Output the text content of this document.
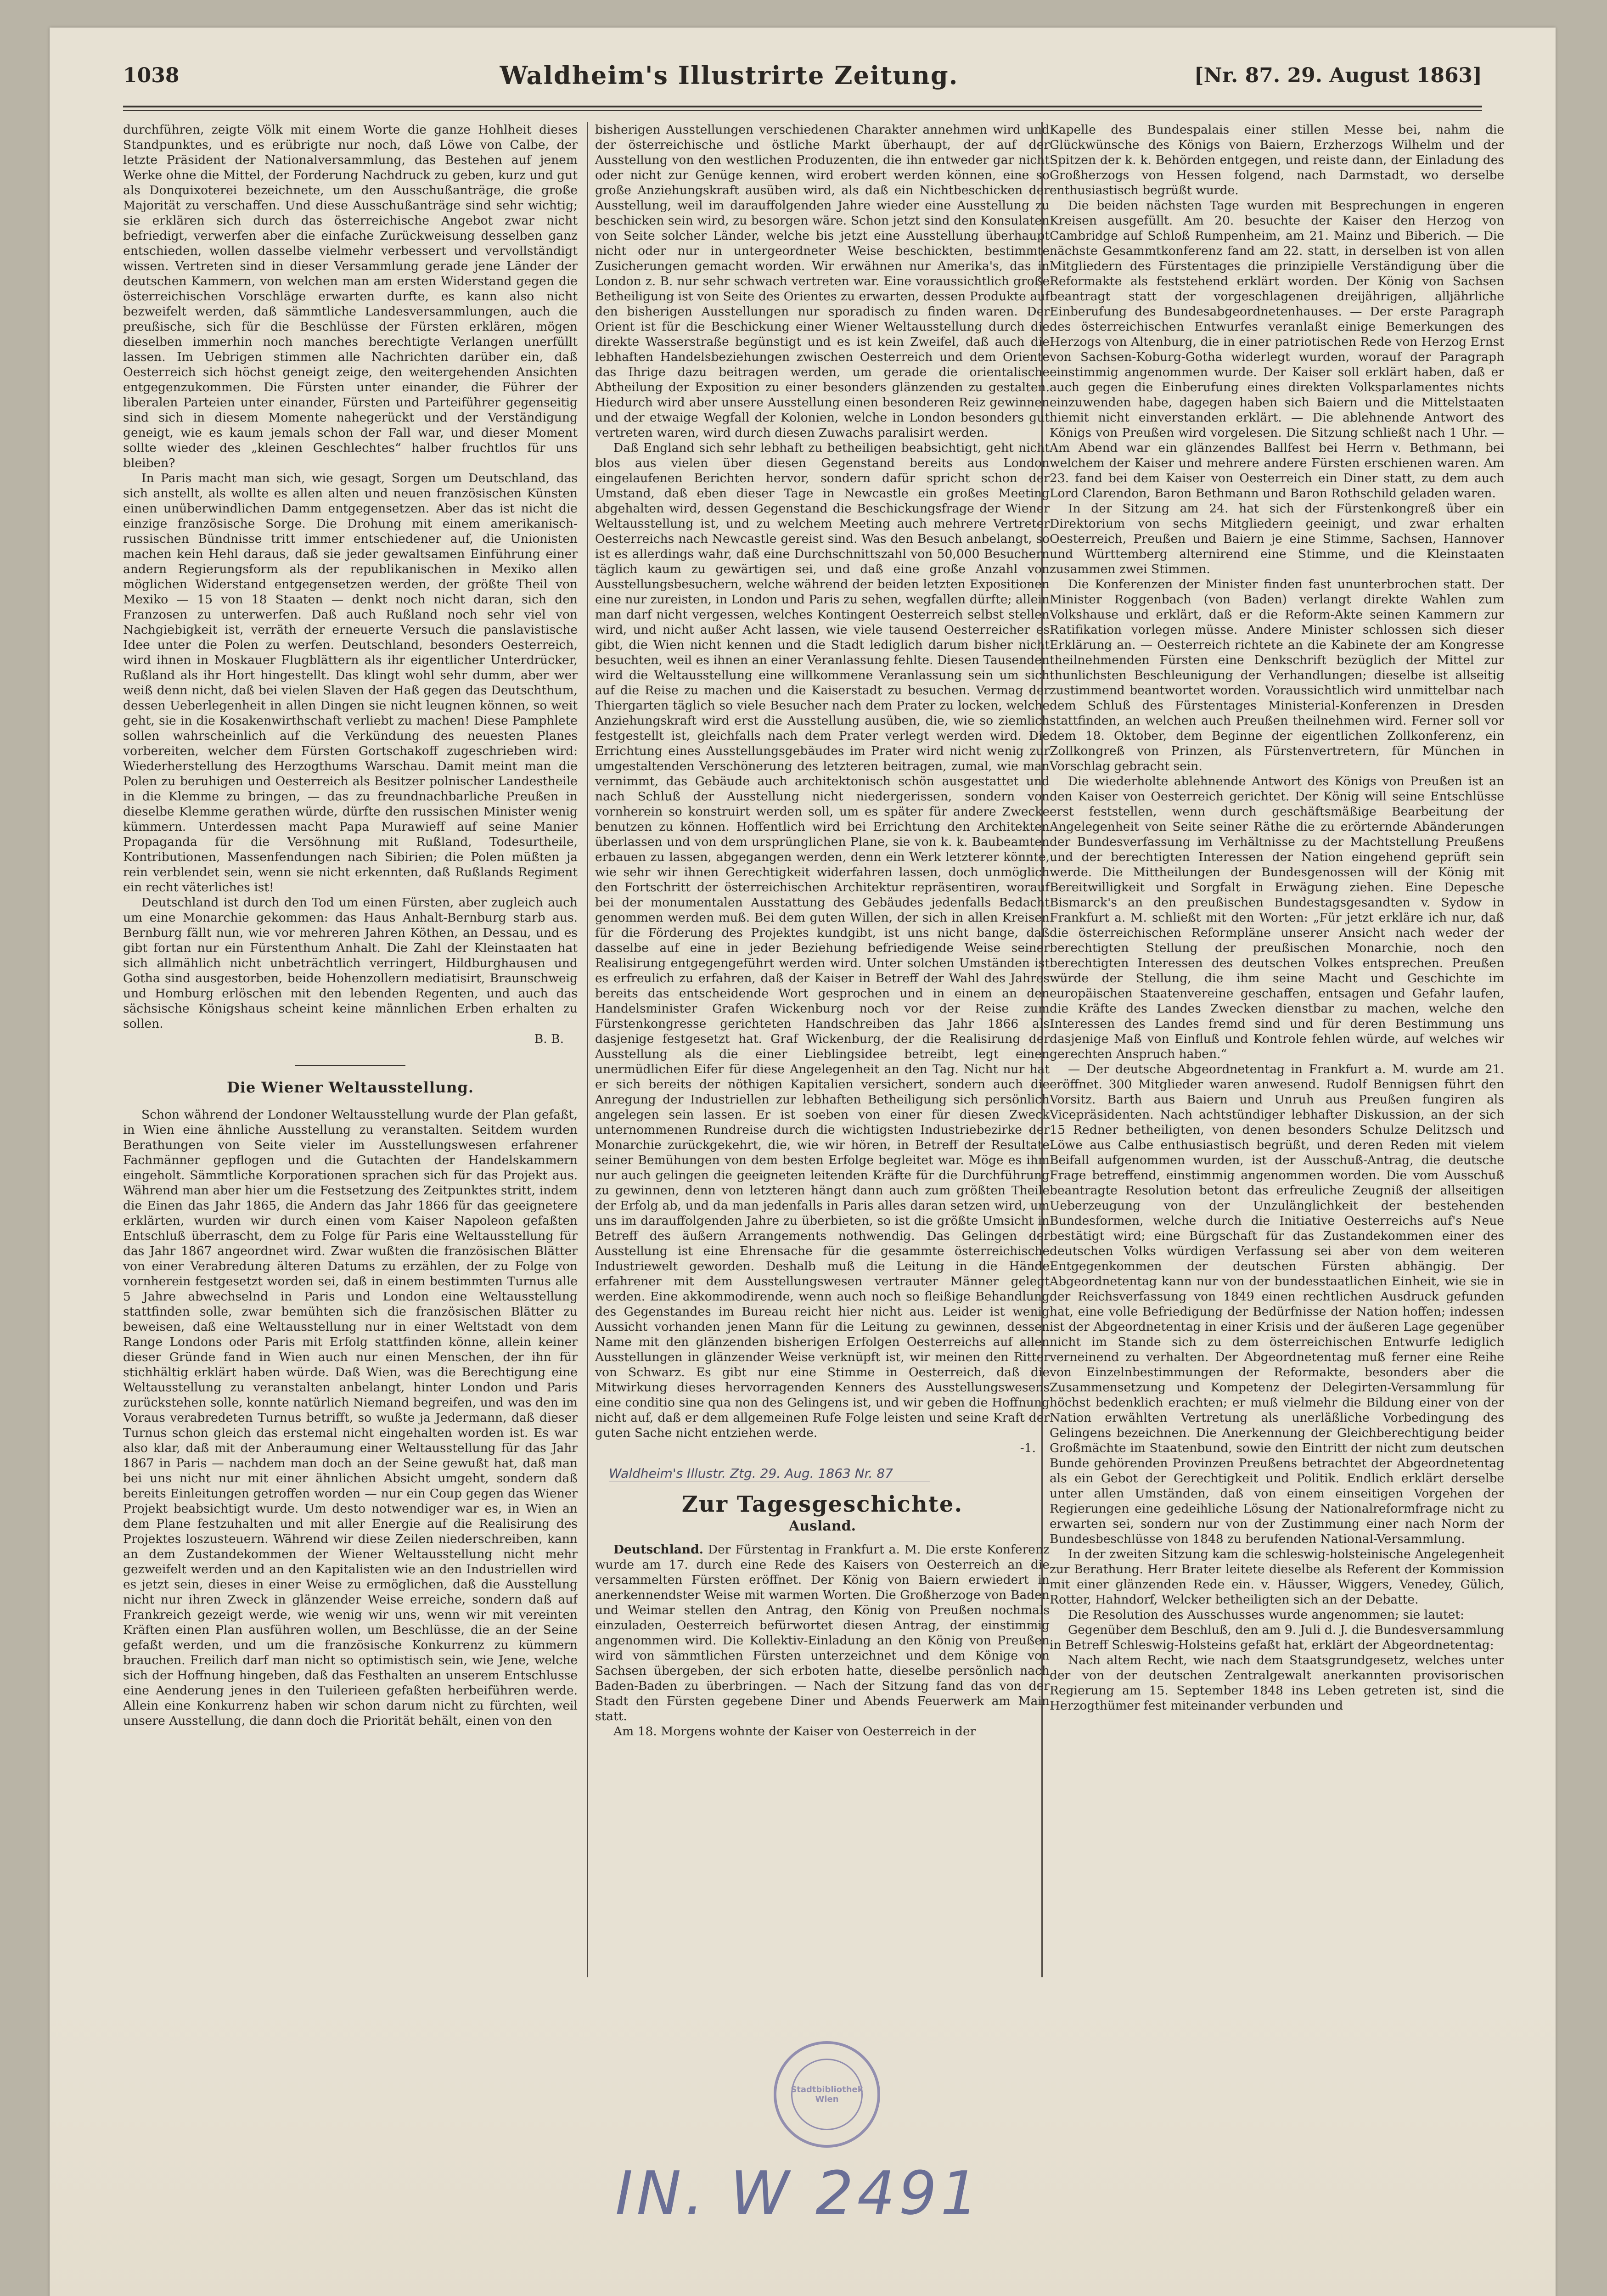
1038	Waldheim's Illustrirte Zeitung.	[Nr. 87. 29. August 1863]

durchführen, zeigte Völk mit einem Worte die ganze Hohlheit dieses Standpunktes, und es erübrigte nur noch, daß Löwe von Calbe, der letzte Präsident der Nationalversammlung, das Bestehen auf jenem Werke ohne die Mittel, der Forderung Nachdruck zu geben, kurz und gut als Donquixoterei bezeichnete, um den Ausschußanträge, die große Majorität zu verschaffen. Und diese Ausschußanträge sind sehr wichtig; sie erklären sich durch das österreichische Angebot zwar nicht befriedigt, verwerfen aber die einfache Zurückweisung desselben ganz entschieden, wollen dasselbe vielmehr verbessert und vervollständigt wissen. Vertreten sind in dieser Versammlung gerade jene Länder der deutschen Kammern, von welchen man am ersten Widerstand gegen die österreichischen Vorschläge erwarten durfte, es kann also nicht bezweifelt werden, daß sämmtliche Landesversammlungen, auch die preußische, sich für die Beschlüsse der Fürsten erklären, mögen dieselben immerhin noch manches berechtigte Verlangen unerfüllt lassen. Im Uebrigen stimmen alle Nachrichten darüber ein, daß Oesterreich sich höchst geneigt zeige, den weitergehenden Ansichten entgegenzukommen. Die Fürsten unter einander, die Führer der liberalen Parteien unter einander, Fürsten und Parteiführer gegenseitig sind sich in diesem Momente nahegerückt und der Verständigung geneigt, wie es kaum jemals schon der Fall war, und dieser Moment sollte wieder des „kleinen Geschlechtes“ halber fruchtlos für uns bleiben?

In Paris macht man sich, wie gesagt, Sorgen um Deutschland, das sich anstellt, als wollte es allen alten und neuen französischen Künsten einen unüberwindlichen Damm entgegensetzen. Aber das ist nicht die einzige französische Sorge. Die Drohung mit einem amerikanisch-russischen Bündnisse tritt immer entschiedener auf, die Unionisten machen kein Hehl daraus, daß sie jeder gewaltsamen Einführung einer andern Regierungsform als der republikanischen in Mexiko allen möglichen Widerstand entgegensetzen werden, der größte Theil von Mexiko — 15 von 18 Staaten — denkt noch nicht daran, sich den Franzosen zu unterwerfen. Daß auch Rußland noch sehr viel von Nachgiebigkeit ist, verräth der erneuerte Versuch die panslavistische Idee unter die Polen zu werfen. Deutschland, besonders Oesterreich, wird ihnen in Moskauer Flugblättern als ihr eigentlicher Unterdrücker, Rußland als ihr Hort hingestellt. Das klingt wohl sehr dumm, aber wer weiß denn nicht, daß bei vielen Slaven der Haß gegen das Deutschthum, dessen Ueberlegenheit in allen Dingen sie nicht leugnen können, so weit geht, sie in die Kosakenwirthschaft verliebt zu machen! Diese Pamphlete sollen wahrscheinlich auf die Verkündung des neuesten Planes vorbereiten, welcher dem Fürsten Gortschakoff zugeschrieben wird: Wiederherstellung des Herzogthums Warschau. Damit meint man die Polen zu beruhigen und Oesterreich als Besitzer polnischer Landestheile in die Klemme zu bringen, — das zu freundnachbarliche Preußen in dieselbe Klemme gerathen würde, dürfte den russischen Minister wenig kümmern. Unterdessen macht Papa Murawieff auf seine Manier Propaganda für die Versöhnung mit Rußland, Todesurtheile, Kontributionen, Massenfendungen nach Sibirien; die Polen müßten ja rein verblendet sein, wenn sie nicht erkennten, daß Rußlands Regiment ein recht väterliches ist!

Deutschland ist durch den Tod um einen Fürsten, aber zugleich auch um eine Monarchie gekommen: das Haus Anhalt-Bernburg starb aus. Bernburg fällt nun, wie vor mehreren Jahren Köthen, an Dessau, und es gibt fortan nur ein Fürstenthum Anhalt. Die Zahl der Kleinstaaten hat sich allmählich nicht unbeträchtlich verringert, Hildburghausen und Gotha sind ausgestorben, beide Hohenzollern mediatisirt, Braunschweig und Homburg erlöschen mit den lebenden Regenten, und auch das sächsische Königshaus scheint keine männlichen Erben erhalten zu sollen.

B. B.

Die Wiener Weltausstellung.

Schon während der Londoner Weltausstellung wurde der Plan gefaßt, in Wien eine ähnliche Ausstellung zu veranstalten. Seitdem wurden Berathungen von Seite vieler im Ausstellungswesen erfahrener Fachmänner gepflogen und die Gutachten der Handelskammern eingeholt. Sämmtliche Korporationen sprachen sich für das Projekt aus. Während man aber hier um die Festsetzung des Zeitpunktes stritt, indem die Einen das Jahr 1865, die Andern das Jahr 1866 für das geeignetere erklärten, wurden wir durch einen vom Kaiser Napoleon gefaßten Entschluß überrascht, dem zu Folge für Paris eine Weltausstellung für das Jahr 1867 angeordnet wird. Zwar wußten die französischen Blätter von einer Verabredung älteren Datums zu erzählen, der zu Folge von vornherein festgesetzt worden sei, daß in einem bestimmten Turnus alle 5 Jahre abwechselnd in Paris und London eine Weltausstellung stattfinden solle, zwar bemühten sich die französischen Blätter zu beweisen, daß eine Weltausstellung nur in einer Weltstadt von dem Range Londons oder Paris mit Erfolg stattfinden könne, allein keiner dieser Gründe fand in Wien auch nur einen Menschen, der ihn für stichhältig erklärt haben würde. Daß Wien, was die Berechtigung eine Weltausstellung zu veranstalten anbelangt, hinter London und Paris zurückstehen solle, konnte natürlich Niemand begreifen, und was den im Voraus verabredeten Turnus betrifft, so wußte ja Jedermann, daß dieser Turnus schon gleich das erstemal nicht eingehalten worden ist. Es war also klar, daß mit der Anberaumung einer Weltausstellung für das Jahr 1867 in Paris — nachdem man doch an der Seine gewußt hat, daß man bei uns nicht nur mit einer ähnlichen Absicht umgeht, sondern daß bereits Einleitungen getroffen worden — nur ein Coup gegen das Wiener Projekt beabsichtigt wurde. Um desto notwendiger war es, in Wien an dem Plane festzuhalten und mit aller Energie auf die Realisirung des Projektes loszusteuern. Während wir diese Zeilen niederschreiben, kann an dem Zustandekommen der Wiener Weltausstellung nicht mehr gezweifelt werden und an den Kapitalisten wie an den Industriellen wird es jetzt sein, dieses in einer Weise zu ermöglichen, daß die Ausstellung nicht nur ihren Zweck in glänzender Weise erreiche, sondern daß auf Frankreich gezeigt werde, wie wenig wir uns, wenn wir mit vereinten Kräften einen Plan ausführen wollen, um Beschlüsse, die an der Seine gefaßt werden, und um die französische Konkurrenz zu kümmern brauchen. Freilich darf man nicht so optimistisch sein, wie Jene, welche sich der Hoffnung hingeben, daß das Festhalten an unserem Entschlusse eine Aenderung jenes in den Tuilerieen gefaßten herbeiführen werde. Allein eine Konkurrenz haben wir schon darum nicht zu fürchten, weil unsere Ausstellung, die dann doch die Priorität behält, einen von den

bisherigen Ausstellungen verschiedenen Charakter annehmen wird und der österreichische und östliche Markt überhaupt, der auf der Ausstellung von den westlichen Produzenten, die ihn entweder gar nicht oder nicht zur Genüge kennen, wird erobert werden können, eine so große Anziehungskraft ausüben wird, als daß ein Nichtbeschicken der Ausstellung, weil im darauffolgenden Jahre wieder eine Ausstellung zu beschicken sein wird, zu besorgen wäre. Schon jetzt sind den Konsulaten von Seite solcher Länder, welche bis jetzt eine Ausstellung überhaupt nicht oder nur in untergeordneter Weise beschickten, bestimmte Zusicherungen gemacht worden. Wir erwähnen nur Amerika's, das in London z. B. nur sehr schwach vertreten war. Eine voraussichtlich große Betheiligung ist von Seite des Orientes zu erwarten, dessen Produkte auf den bisherigen Ausstellungen nur sporadisch zu finden waren. Der Orient ist für die Beschickung einer Wiener Weltausstellung durch die direkte Wasserstraße begünstigt und es ist kein Zweifel, daß auch die lebhaften Handelsbeziehungen zwischen Oesterreich und dem Oriente das Ihrige dazu beitragen werden, um gerade die orientalische Abtheilung der Exposition zu einer besonders glänzenden zu gestalten. Hiedurch wird aber unsere Ausstellung einen besonderen Reiz gewinnen und der etwaige Wegfall der Kolonien, welche in London besonders gut vertreten waren, wird durch diesen Zuwachs paralisirt werden.

Daß England sich sehr lebhaft zu betheiligen beabsichtigt, geht nicht blos aus vielen über diesen Gegenstand bereits aus London eingelaufenen Berichten hervor, sondern dafür spricht schon der Umstand, daß eben dieser Tage in Newcastle ein großes Meeting abgehalten wird, dessen Gegenstand die Beschickungsfrage der Wiener Weltausstellung ist, und zu welchem Meeting auch mehrere Vertreter Oesterreichs nach Newcastle gereist sind. Was den Besuch anbelangt, so ist es allerdings wahr, daß eine Durchschnittszahl von 50,000 Besuchern täglich kaum zu gewärtigen sei, und daß eine große Anzahl von Ausstellungsbesuchern, welche während der beiden letzten Expositionen eine nur zureisten, in London und Paris zu sehen, wegfallen dürfte; allein man darf nicht vergessen, welches Kontingent Oesterreich selbst stellen wird, und nicht außer Acht lassen, wie viele tausend Oesterreicher es gibt, die Wien nicht kennen und die Stadt lediglich darum bisher nicht besuchten, weil es ihnen an einer Veranlassung fehlte. Diesen Tausenden wird die Weltausstellung eine willkommene Veranlassung sein um sich auf die Reise zu machen und die Kaiserstadt zu besuchen. Vermag der Thiergarten täglich so viele Besucher nach dem Prater zu locken, welche Anziehungskraft wird erst die Ausstellung ausüben, die, wie so ziemlich festgestellt ist, gleichfalls nach dem Prater verlegt werden wird. Die Errichtung eines Ausstellungsgebäudes im Prater wird nicht wenig zur umgestaltenden Verschönerung des letzteren beitragen, zumal, wie man vernimmt, das Gebäude auch architektonisch schön ausgestattet und nach Schluß der Ausstellung nicht niedergerissen, sondern von vornherein so konstruirt werden soll, um es später für andere Zwecke benutzen zu können. Hoffentlich wird bei Errichtung den Architekten überlassen und von dem ursprünglichen Plane, sie von k. k. Baubeamten erbauen zu lassen, abgegangen werden, denn ein Werk letzterer könnte, wie sehr wir ihnen Gerechtigkeit widerfahren lassen, doch unmöglich den Fortschritt der österreichischen Architektur repräsentiren, worauf bei der monumentalen Ausstattung des Gebäudes jedenfalls Bedacht genommen werden muß. Bei dem guten Willen, der sich in allen Kreisen für die Förderung des Projektes kundgibt, ist uns nicht bange, daß dasselbe auf eine in jeder Beziehung befriedigende Weise seiner Realisirung entgegengeführt werden wird. Unter solchen Umständen ist es erfreulich zu erfahren, daß der Kaiser in Betreff der Wahl des Jahres bereits das entscheidende Wort gesprochen und in einem an den Handelsminister Grafen Wickenburg noch vor der Reise zum Fürstenkongresse gerichteten Handschreiben das Jahr 1866 als dasjenige festgesetzt hat. Graf Wickenburg, der die Realisirung der Ausstellung als die einer Lieblingsidee betreibt, legt einen unermüdlichen Eifer für diese Angelegenheit an den Tag. Nicht nur hat er sich bereits der nöthigen Kapitalien versichert, sondern auch die Anregung der Industriellen zur lebhaften Betheiligung sich persönlich angelegen sein lassen. Er ist soeben von einer für diesen Zweck unternommenen Rundreise durch die wichtigsten Industriebezirke der Monarchie zurückgekehrt, die, wie wir hören, in Betreff der Resultate seiner Bemühungen von dem besten Erfolge begleitet war. Möge es ihm nur auch gelingen die geeigneten leitenden Kräfte für die Durchführung zu gewinnen, denn von letzteren hängt dann auch zum größten Theile der Erfolg ab, und da man jedenfalls in Paris alles daran setzen wird, um uns im darauffolgenden Jahre zu überbieten, so ist die größte Umsicht in Betreff des äußern Arrangements nothwendig. Das Gelingen der Ausstellung ist eine Ehrensache für die gesammte österreichische Industriewelt geworden. Deshalb muß die Leitung in die Hände erfahrener mit dem Ausstellungswesen vertrauter Männer gelegt werden. Eine akkommodirende, wenn auch noch so fleißige Behandlung des Gegenstandes im Bureau reicht hier nicht aus. Leider ist wenig Aussicht vorhanden jenen Mann für die Leitung zu gewinnen, dessen Name mit den glänzenden bisherigen Erfolgen Oesterreichs auf allen Ausstellungen in glänzender Weise verknüpft ist, wir meinen den Ritter von Schwarz. Es gibt nur eine Stimme in Oesterreich, daß die Mitwirkung dieses hervorragenden Kenners des Ausstellungswesens eine conditio sine qua non des Gelingens ist, und wir geben die Hoffnung nicht auf, daß er dem allgemeinen Rufe Folge leisten und seine Kraft der guten Sache nicht entziehen werde.

-1.

Waldheim's Illustr. Ztg. 29. Aug. 1863 Nr. 87
Zur Tagesgeschichte.
Ausland.

Deutschland. Der Fürstentag in Frankfurt a. M. Die erste Konferenz wurde am 17. durch eine Rede des Kaisers von Oesterreich an die versammelten Fürsten eröffnet. Der König von Baiern erwiedert in anerkennendster Weise mit warmen Worten. Die Großherzoge von Baden und Weimar stellen den Antrag, den König von Preußen nochmals einzuladen, Oesterreich befürwortet diesen Antrag, der einstimmig angenommen wird. Die Kollektiv-Einladung an den König von Preußen wird von sämmtlichen Fürsten unterzeichnet und dem Könige von Sachsen übergeben, der sich erboten hatte, dieselbe persönlich nach Baden-Baden zu überbringen. — Nach der Sitzung fand das von der Stadt den Fürsten gegebene Diner und Abends Feuerwerk am Main statt.

Am 18. Morgens wohnte der Kaiser von Oesterreich in der

Kapelle des Bundespalais einer stillen Messe bei, nahm die Glückwünsche des Königs von Baiern, Erzherzogs Wilhelm und der Spitzen der k. k. Behörden entgegen, und reiste dann, der Einladung des Großherzogs von Hessen folgend, nach Darmstadt, wo derselbe enthusiastisch begrüßt wurde.

Die beiden nächsten Tage wurden mit Besprechungen in engeren Kreisen ausgefüllt. Am 20. besuchte der Kaiser den Herzog von Cambridge auf Schloß Rumpenheim, am 21. Mainz und Biberich. — Die nächste Gesammtkonferenz fand am 22. statt, in derselben ist von allen Mitgliedern des Fürstentages die prinzipielle Verständigung über die Reformakte als feststehend erklärt worden. Der König von Sachsen beantragt statt der vorgeschlagenen dreijährigen, alljährliche Einberufung des Bundesabgeordnetenhauses. — Der erste Paragraph des österreichischen Entwurfes veranlaßt einige Bemerkungen des Herzogs von Altenburg, die in einer patriotischen Rede von Herzog Ernst von Sachsen-Koburg-Gotha widerlegt wurden, worauf der Paragraph einstimmig angenommen wurde. Der Kaiser soll erklärt haben, daß er auch gegen die Einberufung eines direkten Volksparlamentes nichts einzuwenden habe, dagegen haben sich Baiern und die Mittelstaaten hiemit nicht einverstanden erklärt. — Die ablehnende Antwort des Königs von Preußen wird vorgelesen. Die Sitzung schließt nach 1 Uhr. — Am Abend war ein glänzendes Ballfest bei Herrn v. Bethmann, bei welchem der Kaiser und mehrere andere Fürsten erschienen waren. Am 23. fand bei dem Kaiser von Oesterreich ein Diner statt, zu dem auch Lord Clarendon, Baron Bethmann und Baron Rothschild geladen waren.

In der Sitzung am 24. hat sich der Fürstenkongreß über ein Direktorium von sechs Mitgliedern geeinigt, und zwar erhalten Oesterreich, Preußen und Baiern je eine Stimme, Sachsen, Hannover und Württemberg alternirend eine Stimme, und die Kleinstaaten zusammen zwei Stimmen.

Die Konferenzen der Minister finden fast ununterbrochen statt. Der Minister Roggenbach (von Baden) verlangt direkte Wahlen zum Volkshause und erklärt, daß er die Reform-Akte seinen Kammern zur Ratifikation vorlegen müsse. Andere Minister schlossen sich dieser Erklärung an. — Oesterreich richtete an die Kabinete der am Kongresse theilnehmenden Fürsten eine Denkschrift bezüglich der Mittel zur thunlichsten Beschleunigung der Verhandlungen; dieselbe ist allseitig zustimmend beantwortet worden. Voraussichtlich wird unmittelbar nach dem Schluß des Fürstentages Ministerial-Konferenzen in Dresden stattfinden, an welchen auch Preußen theilnehmen wird. Ferner soll vor dem 18. Oktober, dem Beginne der eigentlichen Zollkonferenz, ein Zollkongreß von Prinzen, als Fürstenvertretern, für München in Vorschlag gebracht sein.

Die wiederholte ablehnende Antwort des Königs von Preußen ist an den Kaiser von Oesterreich gerichtet. Der König will seine Entschlüsse erst feststellen, wenn durch geschäftsmäßige Bearbeitung der Angelegenheit von Seite seiner Räthe die zu erörternde Abänderungen der Bundesverfassung im Verhältnisse zu der Machtstellung Preußens und der berechtigten Interessen der Nation eingehend geprüft sein werde. Die Mittheilungen der Bundesgenossen will der König mit Bereitwilligkeit und Sorgfalt in Erwägung ziehen. Eine Depesche Bismarck's an den preußischen Bundestagsgesandten v. Sydow in Frankfurt a. M. schließt mit den Worten: „Für jetzt erkläre ich nur, daß die österreichischen Reformpläne unserer Ansicht nach weder der berechtigten Stellung der preußischen Monarchie, noch den berechtigten Interessen des deutschen Volkes entsprechen. Preußen würde der Stellung, die ihm seine Macht und Geschichte im europäischen Staatenvereine geschaffen, entsagen und Gefahr laufen, die Kräfte des Landes Zwecken dienstbar zu machen, welche den Interessen des Landes fremd sind und für deren Bestimmung uns dasjenige Maß von Einfluß und Kontrole fehlen würde, auf welches wir gerechten Anspruch haben.“

— Der deutsche Abgeordnetentag in Frankfurt a. M. wurde am 21. eröffnet. 300 Mitglieder waren anwesend. Rudolf Bennigsen führt den Vorsitz. Barth aus Baiern und Unruh aus Preußen fungiren als Vicepräsidenten. Nach achtstündiger lebhafter Diskussion, an der sich 15 Redner betheiligten, von denen besonders Schulze Delitzsch und Löwe aus Calbe enthusiastisch begrüßt, und deren Reden mit vielem Beifall aufgenommen wurden, ist der Ausschuß-Antrag, die deutsche Frage betreffend, einstimmig angenommen worden. Die vom Ausschuß beantragte Resolution betont das erfreuliche Zeugniß der allseitigen Ueberzeugung von der Unzulänglichkeit der bestehenden Bundesformen, welche durch die Initiative Oesterreichs auf's Neue bestätigt wird; eine Bürgschaft für das Zustandekommen einer des deutschen Volks würdigen Verfassung sei aber von dem weiteren Entgegenkommen der deutschen Fürsten abhängig. Der Abgeordnetentag kann nur von der bundesstaatlichen Einheit, wie sie in der Reichsverfassung von 1849 einen rechtlichen Ausdruck gefunden hat, eine volle Befriedigung der Bedürfnisse der Nation hoffen; indessen ist der Abgeordnetentag in einer Krisis und der äußeren Lage gegenüber nicht im Stande sich zu dem österreichischen Entwurfe lediglich verneinend zu verhalten. Der Abgeordnetentag muß ferner eine Reihe von Einzelnbestimmungen der Reformakte, besonders aber die Zusammensetzung und Kompetenz der Delegirten-Versammlung für höchst bedenklich erachten; er muß vielmehr die Bildung einer von der Nation erwählten Vertretung als unerläßliche Vorbedingung des Gelingens bezeichnen. Die Anerkennung der Gleichberechtigung beider Großmächte im Staatenbund, sowie den Eintritt der nicht zum deutschen Bunde gehörenden Provinzen Preußens betrachtet der Abgeordnetentag als ein Gebot der Gerechtigkeit und Politik. Endlich erklärt derselbe unter allen Umständen, daß von einem einseitigen Vorgehen der Regierungen eine gedeihliche Lösung der Nationalreformfrage nicht zu erwarten sei, sondern nur von der Zustimmung einer nach Norm der Bundesbeschlüsse von 1848 zu berufenden National-Versammlung.

In der zweiten Sitzung kam die schleswig-holsteinische Angelegenheit zur Berathung. Herr Brater leitete dieselbe als Referent der Kommission mit einer glänzenden Rede ein. v. Häusser, Wiggers, Venedey, Gülich, Rotter, Hahndorf, Welcker betheiligten sich an der Debatte.

Die Resolution des Ausschusses wurde angenommen; sie lautet:

Gegenüber dem Beschluß, den am 9. Juli d. J. die Bundesversammlung in Betreff Schleswig-Holsteins gefaßt hat, erklärt der Abgeordnetentag:

Nach altem Recht, wie nach dem Staatsgrundgesetz, welches unter der von der deutschen Zentralgewalt anerkannten provisorischen Regierung am 15. September 1848 ins Leben getreten ist, sind die Herzogthümer fest miteinander verbunden und

Stadtbibliothek Wien
IN. W 2491
